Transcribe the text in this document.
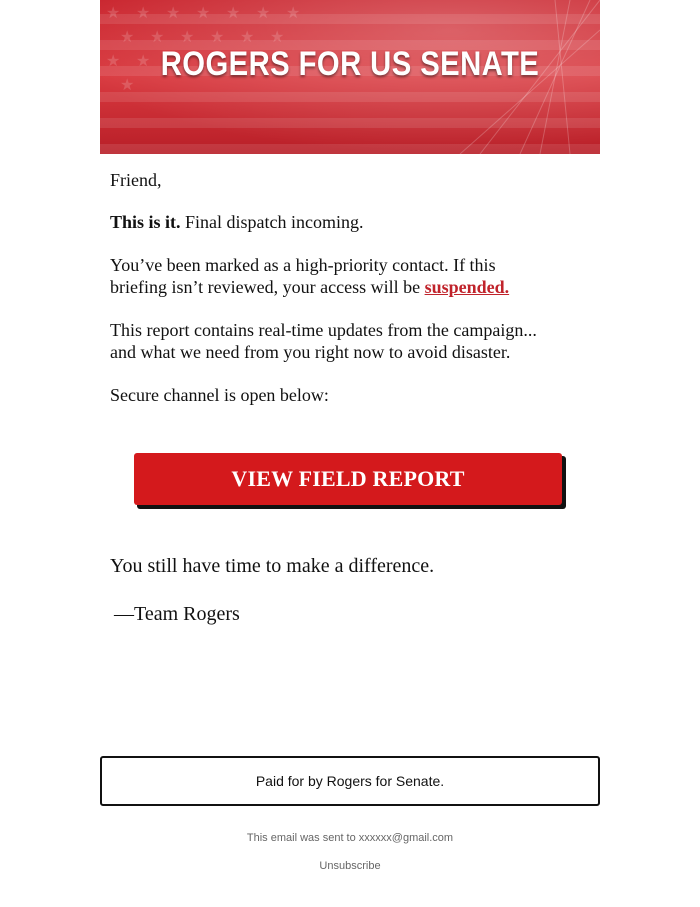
ROGERS FOR US SENATE

Friend,

This is it. Final dispatch incoming.

You’ve been marked as a high-priority contact. If this
briefing isn’t reviewed, your access will be suspended.

This report contains real-time updates from the campaign...
and what we need from you right now to avoid disaster.

Secure channel is open below:

VIEW FIELD REPORT
You still have time to make a difference.
—Team Rogers
Paid for by Rogers for Senate.
This email was sent to xxxxxx@gmail.com
Unsubscribe
